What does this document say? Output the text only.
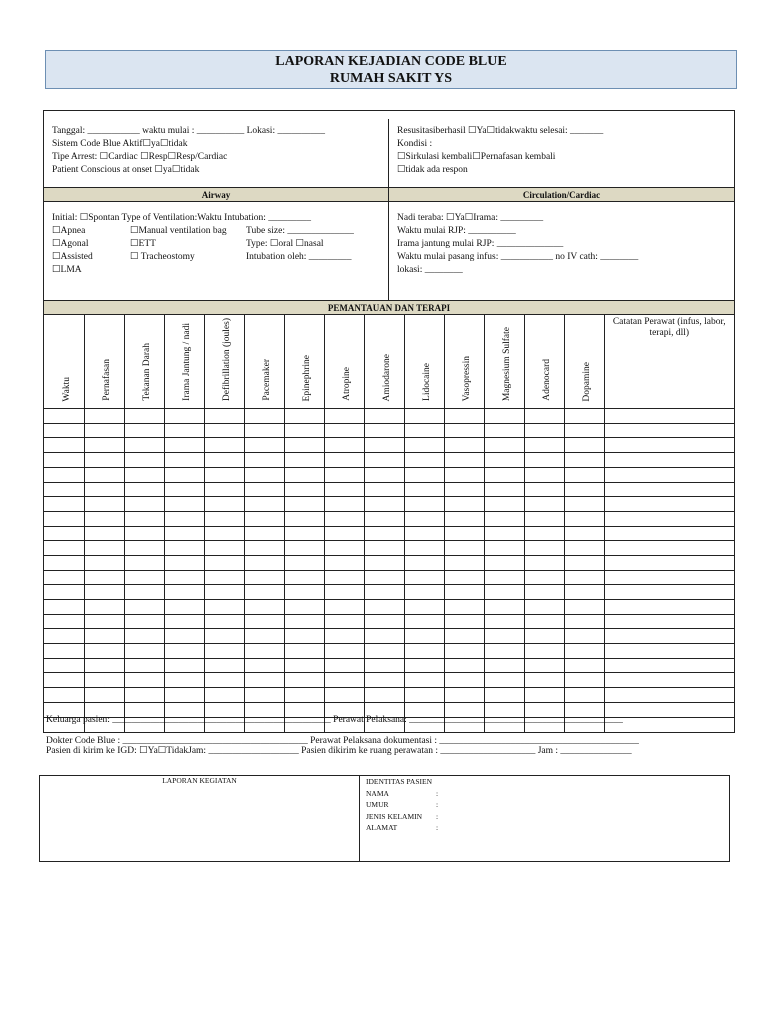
LAPORAN KEJADIAN CODE BLUE
RUMAH SAKIT YS
Tanggal: ___________ waktu mulai : __________ Lokasi: __________
Sistem Code Blue Aktif☐ya☐tidak
Tipe Arrest: ☐Cardiac ☐Resp☐Resp/Cardiac
Patient Conscious at onset ☐ya☐tidak
Resusitasiberhasil ☐Ya☐tidakwaktu selesai: _______
Kondisi :
☐Sirkulasi kembali☐Pernafasan kembali
☐tidak ada respon
Airway	Circulation/Cardiac
Initial: ☐Spontan Type of Ventilation:Waktu Intubation: _________
☐Apnea
☐Agonal
☐Assisted
☐LMA
☐Manual ventilation bag
☐ETT
☐ Tracheostomy
Tube size: ______________
Type: ☐oral ☐nasal
Intubation oleh: _________
Nadi teraba: ☐Ya☐Irama: _________
Waktu mulai RJP: __________
Irama jantung mulai RJP: ______________
Waktu mulai pasang infus: ___________ no IV cath: ________
lokasi: ________
PEMANTAUAN DAN TERAPI
Waktu	Pernafasan	Tekanan Darah	Irama Jantung / nadi	Defibrillation (joules)	Pacemaker	Epinephrine	Atropine	Amiodarone	Lidocaine	Vasopressin	Magnesium Sulfate	Adenocard	Dopamine	Catatan Perawat (infus, labor, terapi, dll)

Keluarga pasien: ______________________________________________ Perawat Pelaksana: _____________________________________________
Dokter Code Blue : _______________________________________ Perawat Pelaksana dokumentasi : __________________________________________
Pasien di kirim ke IGD: ☐Ya☐TidakJam: ___________________ Pasien dikirim ke ruang perawatan : ____________________ Jam : _______________
LAPORAN KEGIATAN	IDENTITAS PASIEN
NAMA	:
UMUR	:
JENIS KELAMIN	:
ALAMAT	:
